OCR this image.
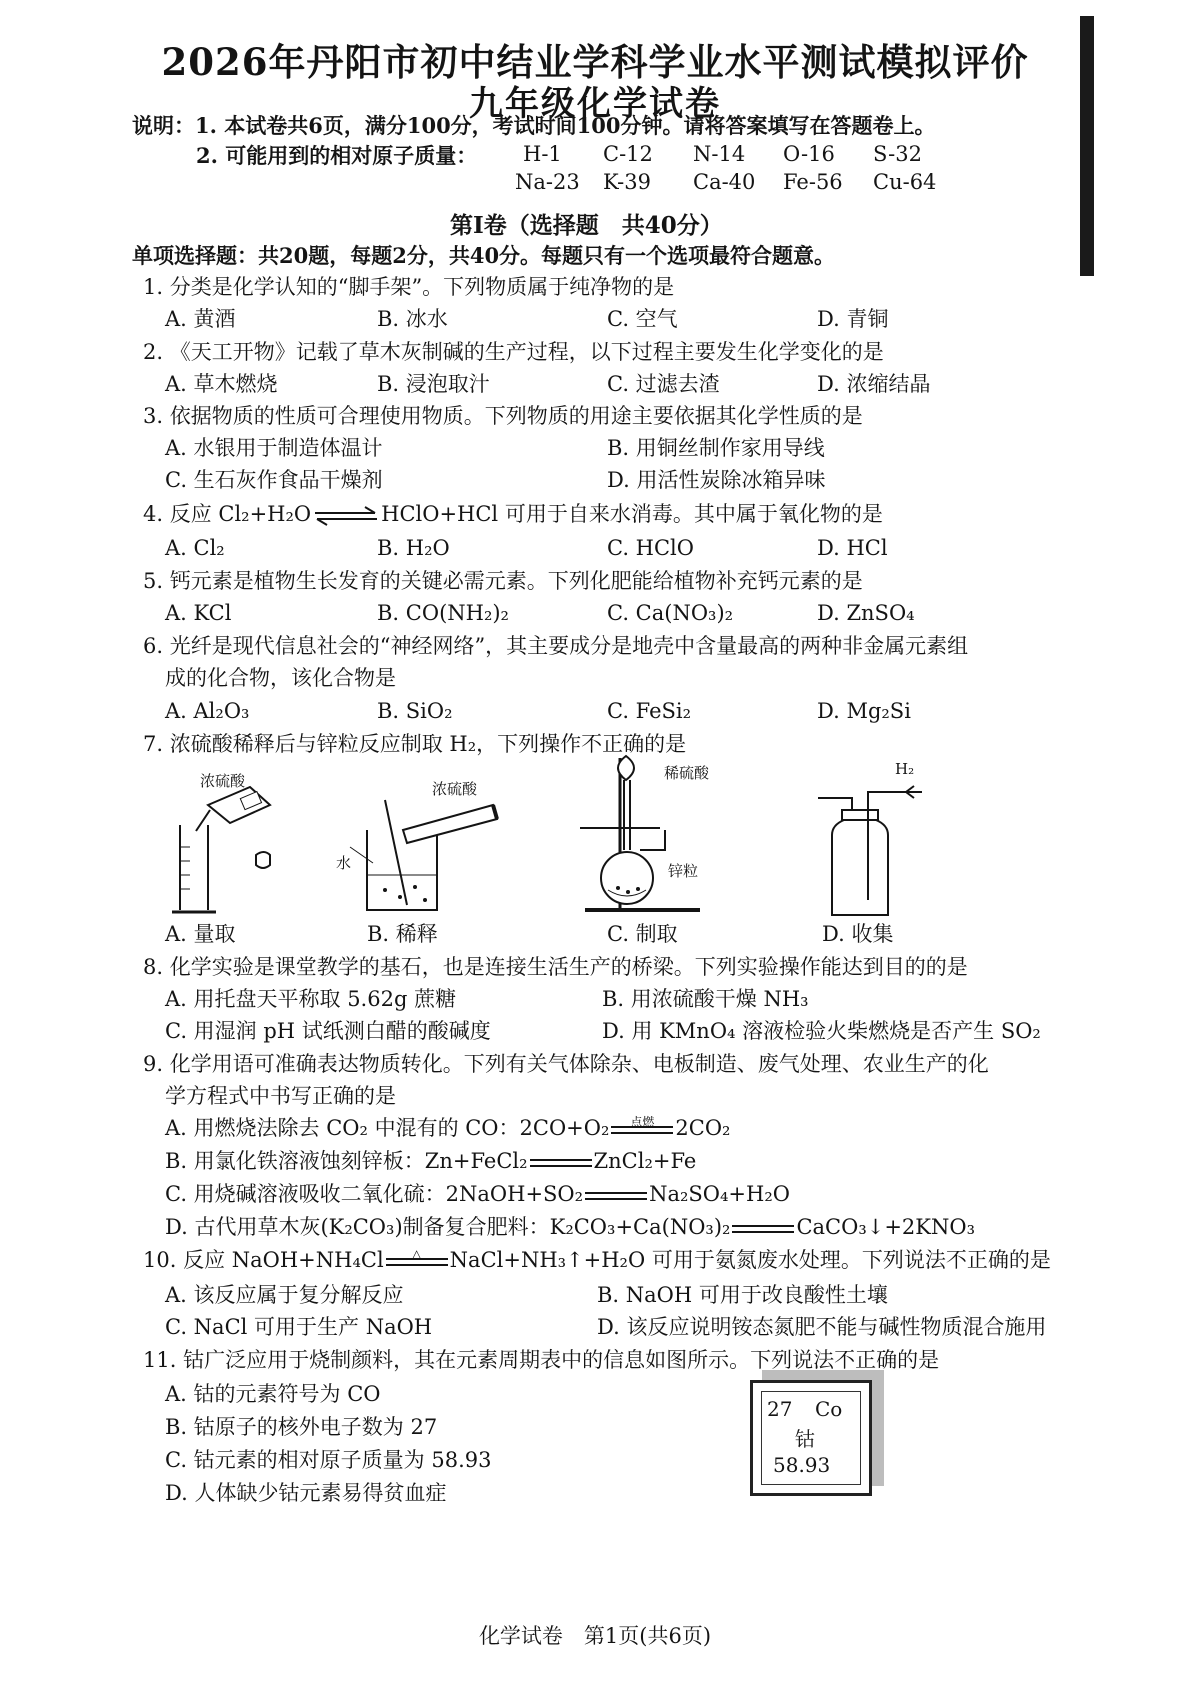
2026年丹阳市初中结业学科学业水平测试模拟评价
九年级化学试卷
说明：1. 本试卷共6页，满分100分，考试时间100分钟。请将答案填写在答题卷上。
2. 可能用到的相对原子质量： H-1 C-12 N-14 O-16 S-32
Na-23 K-39 Ca-40 Fe-56 Cu-64
第Ⅰ卷（选择题　共40分）
单项选择题：共20题，每题2分，共40分。每题只有一个选项最符合题意。
1. 分类是化学认知的“脚手架”。下列物质属于纯净物的是
A. 黄酒	B. 冰水	C. 空气	D. 青铜
2. 《天工开物》记载了草木灰制碱的生产过程，以下过程主要发生化学变化的是
A. 草木燃烧	B. 浸泡取汁	C. 过滤去渣	D. 浓缩结晶
3. 依据物质的性质可合理使用物质。下列物质的用途主要依据其化学性质的是
A. 水银用于制造体温计	B. 用铜丝制作家用导线
C. 生石灰作食品干燥剂	D. 用活性炭除冰箱异味
4. 反应 Cl₂+H₂O ⇌ HClO+HCl 可用于自来水消毒。其中属于氧化物的是
A. Cl₂	B. H₂O	C. HClO	D. HCl
5. 钙元素是植物生长发育的关键必需元素。下列化肥能给植物补充钙元素的是
A. KCl	B. CO(NH₂)₂	C. Ca(NO₃)₂	D. ZnSO₄
6. 光纤是现代信息社会的“神经网络”，其主要成分是地壳中含量最高的两种非金属元素组
成的化合物，该化合物是
A. Al₂O₃	B. SiO₂	C. FeSi₂	D. Mg₂Si
7. 浓硫酸稀释后与锌粒反应制取 H₂，下列操作不正确的是
浓硫酸	浓硫酸
水
稀硫酸
锌粒
H₂
A. 量取	B. 稀释	C. 制取	D. 收集
8. 化学实验是课堂教学的基石，也是连接生活生产的桥梁。下列实验操作能达到目的的是
A. 用托盘天平称取 5.62g 蔗糖	B. 用浓硫酸干燥 NH₃
C. 用湿润 pH 试纸测白醋的酸碱度	D. 用 KMnO₄ 溶液检验火柴燃烧是否产生 SO₂
9. 化学用语可准确表达物质转化。下列有关气体除杂、电板制造、废气处理、农业生产的化
学方程式中书写正确的是
A. 用燃烧法除去 CO₂ 中混有的 CO：2CO+O₂	点燃	2CO₂
B. 用氯化铁溶液蚀刻锌板：Zn+FeCl₂	ZnCl₂+Fe
C. 用烧碱溶液吸收二氧化硫：2NaOH+SO₂	Na₂SO₄+H₂O
D. 古代用草木灰(K₂CO₃)制备复合肥料：K₂CO₃+Ca(NO₃)₂	CaCO₃↓+2KNO₃
10. 反应 NaOH+NH₄Cl	△	NaCl+NH₃↑+H₂O 可用于氨氮废水处理。下列说法不正确的是
A. 该反应属于复分解反应	B. NaOH 可用于改良酸性土壤
C. NaCl 可用于生产 NaOH	D. 该反应说明铵态氮肥不能与碱性物质混合施用
11. 钴广泛应用于烧制颜料，其在元素周期表中的信息如图所示。下列说法不正确的是
A. 钴的元素符号为 CO
B. 钴原子的核外电子数为 27
C. 钴元素的相对原子质量为 58.93
D. 人体缺少钴元素易得贫血症
27 Co
钴
58.93
化学试卷　第1页(共6页)
